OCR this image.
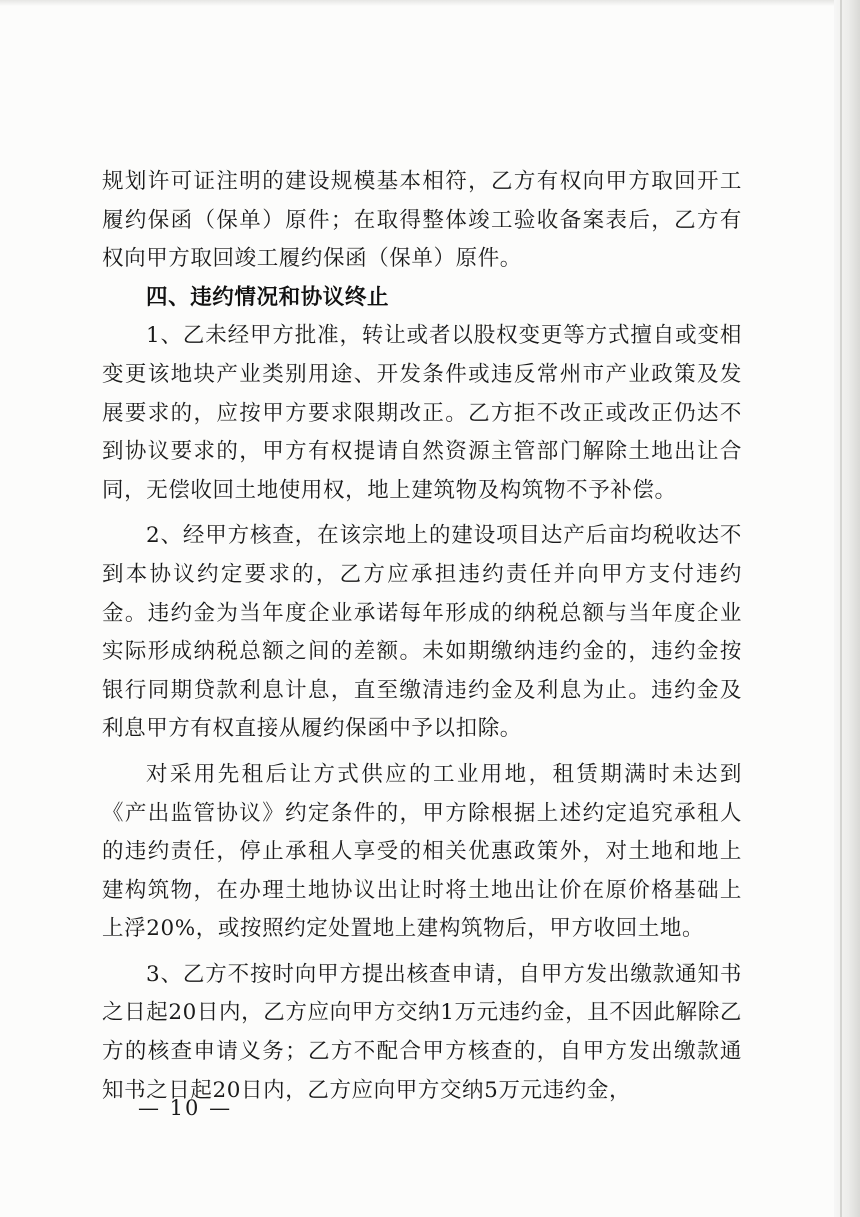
规划许可证注明的建设规模基本相符，乙方有权向甲方取回开工履约保函（保单）原件；在取得整体竣工验收备案表后，乙方有权向甲方取回竣工履约保函（保单）原件。

四、违约情况和协议终止

1、乙未经甲方批准，转让或者以股权变更等方式擅自或变相变更该地块产业类别用途、开发条件或违反常州市产业政策及发展要求的，应按甲方要求限期改正。乙方拒不改正或改正仍达不到协议要求的，甲方有权提请自然资源主管部门解除土地出让合同，无偿收回土地使用权，地上建筑物及构筑物不予补偿。

2、经甲方核查，在该宗地上的建设项目达产后亩均税收达不到本协议约定要求的，乙方应承担违约责任并向甲方支付违约金。违约金为当年度企业承诺每年形成的纳税总额与当年度企业实际形成纳税总额之间的差额。未如期缴纳违约金的，违约金按银行同期贷款利息计息，直至缴清违约金及利息为止。违约金及利息甲方有权直接从履约保函中予以扣除。

对采用先租后让方式供应的工业用地，租赁期满时未达到《产出监管协议》约定条件的，甲方除根据上述约定追究承租人的违约责任，停止承租人享受的相关优惠政策外，对土地和地上建构筑物，在办理土地协议出让时将土地出让价在原价格基础上上浮20%，或按照约定处置地上建构筑物后，甲方收回土地。

3、乙方不按时向甲方提出核查申请，自甲方发出缴款通知书之日起20日内，乙方应向甲方交纳1万元违约金，且不因此解除乙方的核查申请义务；乙方不配合甲方核查的，自甲方发出缴款通知书之日起20日内，乙方应向甲方交纳5万元违约金，

— 10 —
